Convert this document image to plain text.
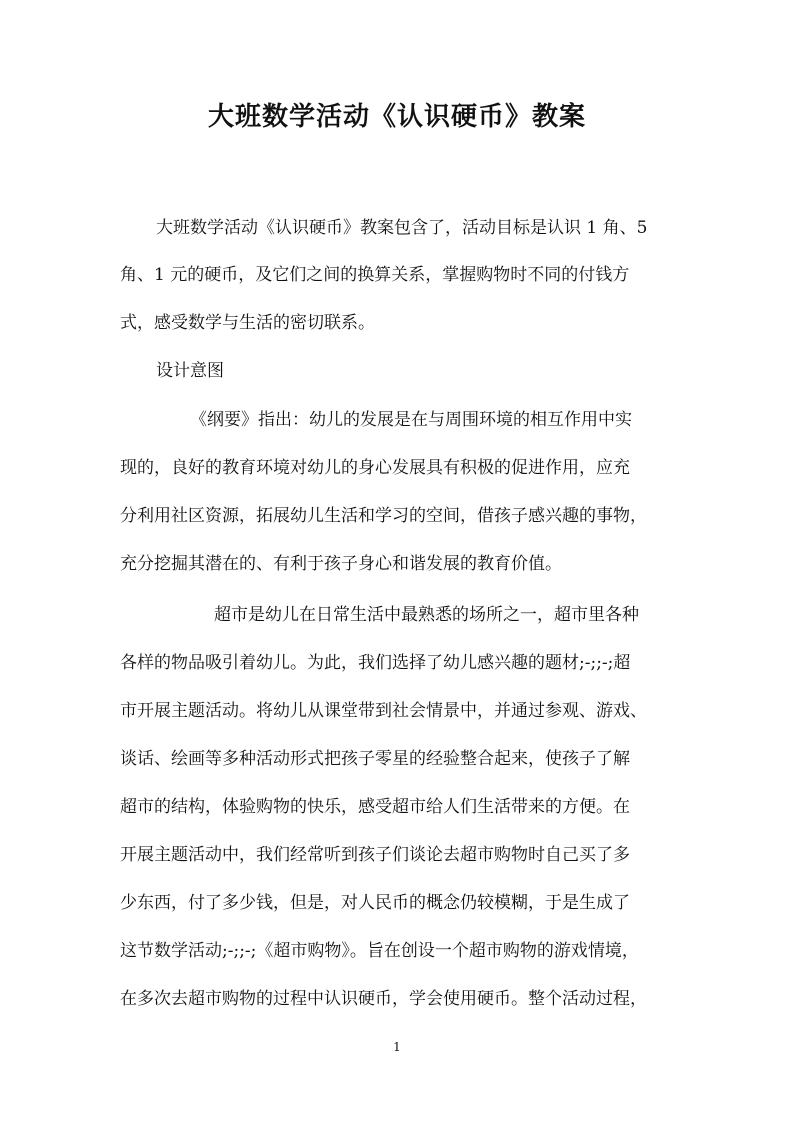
大班数学活动《认识硬币》教案

大班数学活动《认识硬币》教案包含了，活动目标是认识 1 角、5

角、1 元的硬币，及它们之间的换算关系，掌握购物时不同的付钱方

式，感受数学与生活的密切联系。

设计意图

《纲要》指出：幼儿的发展是在与周围环境的相互作用中实

现的，良好的教育环境对幼儿的身心发展具有积极的促进作用，应充

分利用社区资源，拓展幼儿生活和学习的空间，借孩子感兴趣的事物，

充分挖掘其潜在的、有利于孩子身心和谐发展的教育价值。

超市是幼儿在日常生活中最熟悉的场所之一，超市里各种

各样的物品吸引着幼儿。为此，我们选择了幼儿感兴趣的题材;-;;-;超

市开展主题活动。将幼儿从课堂带到社会情景中，并通过参观、游戏、

谈话、绘画等多种活动形式把孩子零星的经验整合起来，使孩子了解

超市的结构，体验购物的快乐，感受超市给人们生活带来的方便。在

开展主题活动中，我们经常听到孩子们谈论去超市购物时自己买了多

少东西，付了多少钱，但是，对人民币的概念仍较模糊，于是生成了

这节数学活动;-;;-;《超市购物》。旨在创设一个超市购物的游戏情境，

在多次去超市购物的过程中认识硬币，学会使用硬币。整个活动过程，

1
